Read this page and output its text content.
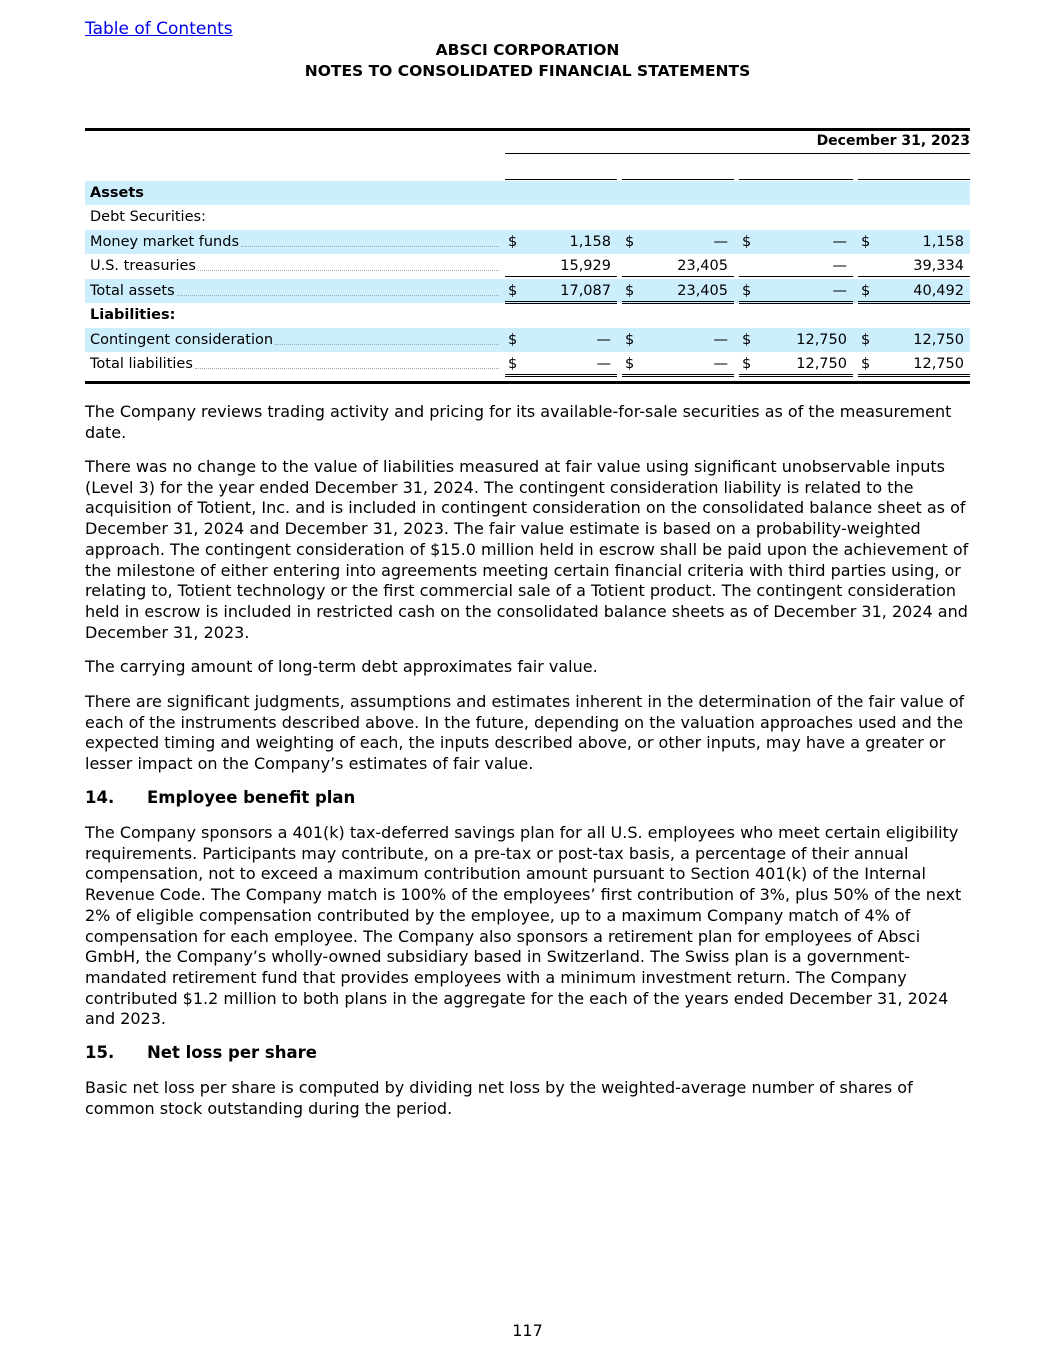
Table of Contents
ABSCI CORPORATION
NOTES TO CONSOLIDATED FINANCIAL STATEMENTS
December 31, 2023
Assets
Debt Securities:
Money market funds	$	1,158 $	— $	— $	1,158
U.S. treasuries	15,929	23,405	—	39,334
Total assets	$	17,087 $	23,405 $	— $	40,492
Liabilities:
Contingent consideration	$	— $	— $	12,750 $	12,750
Total liabilities	$	— $	— $	12,750 $	12,750
The Company reviews trading activity and pricing for its available-for-sale securities as of the measurement date.
There was no change to the value of liabilities measured at fair value using significant unobservable inputs (Level 3) for the year ended December 31, 2024. The contingent consideration liability is related to the acquisition of Totient, Inc. and is included in contingent consideration on the consolidated balance sheet as of December 31, 2024 and December 31, 2023. The fair value estimate is based on a probability-weighted approach. The contingent consideration of $15.0 million held in escrow shall be paid upon the achievement of the milestone of either entering into agreements meeting certain financial criteria with third parties using, or relating to, Totient technology or the first commercial sale of a Totient product. The contingent consideration held in escrow is included in restricted cash on the consolidated balance sheets as of December 31, 2024 and December 31, 2023.
The carrying amount of long-term debt approximates fair value.
There are significant judgments, assumptions and estimates inherent in the determination of the fair value of each of the instruments described above. In the future, depending on the valuation approaches used and the expected timing and weighting of each, the inputs described above, or other inputs, may have a greater or lesser impact on the Company’s estimates of fair value.
14. Employee benefit plan
The Company sponsors a 401(k) tax-deferred savings plan for all U.S. employees who meet certain eligibility requirements. Participants may contribute, on a pre-tax or post-tax basis, a percentage of their annual compensation, not to exceed a maximum contribution amount pursuant to Section 401(k) of the Internal Revenue Code. The Company match is 100% of the employees’ first contribution of 3%, plus 50% of the next 2% of eligible compensation contributed by the employee, up to a maximum Company match of 4% of compensation for each employee. The Company also sponsors a retirement plan for employees of Absci GmbH, the Company’s wholly-owned subsidiary based in Switzerland. The Swiss plan is a government-mandated retirement fund that provides employees with a minimum investment return. The Company contributed $1.2 million to both plans in the aggregate for the each of the years ended December 31, 2024 and 2023.
15. Net loss per share
Basic net loss per share is computed by dividing net loss by the weighted-average number of shares of common stock outstanding during the period.
117
